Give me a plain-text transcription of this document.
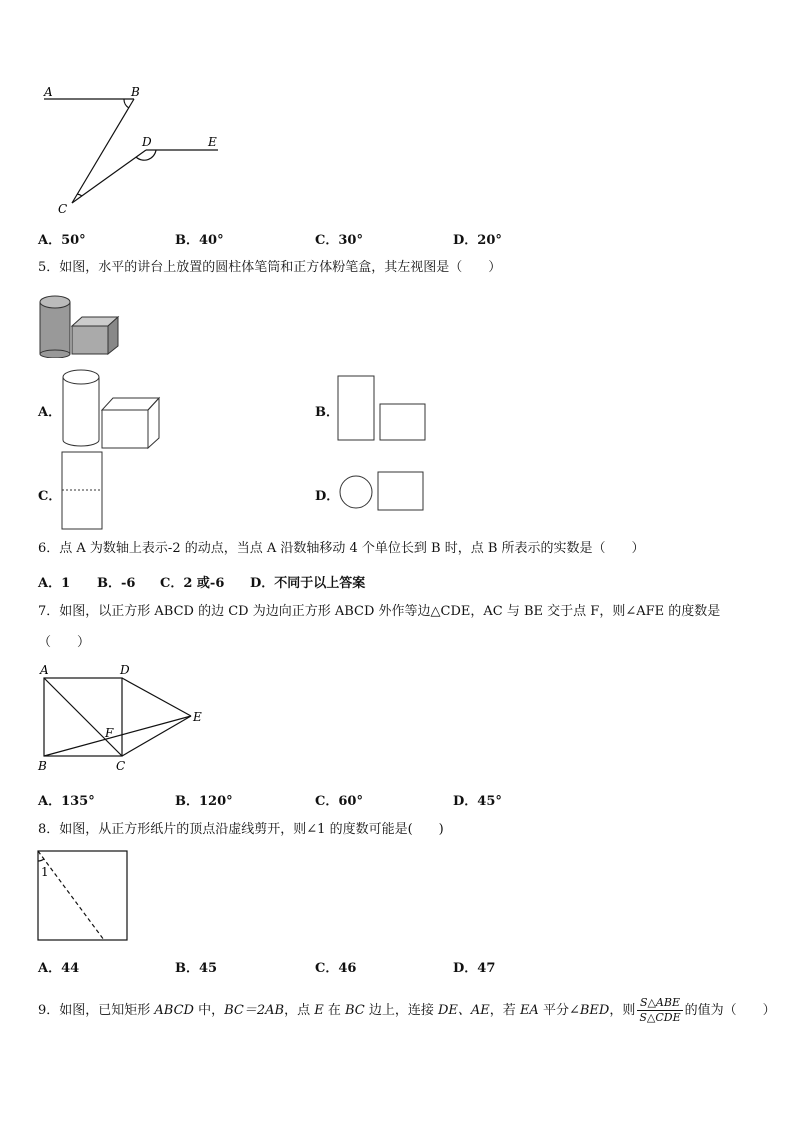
A	B
C
D	E
A．50°	B．40°	C．30°	D．20°
5．如图，水平的讲台上放置的圆柱体笔筒和正方体粉笔盒，其左视图是（　　）
A．	B．
C．	D．
6．点 A 为数轴上表示-2 的动点，当点 A 沿数轴移动 4 个单位长到 B 时，点 B 所表示的实数是（　　）
A．1 B．-6 C．2 或-6 D．不同于以上答案
7．如图，以正方形 ABCD 的边 CD 为边向正方形 ABCD 外作等边△CDE，AC 与 BE 交于点 F，则∠AFE 的度数是
（　　）
A	D
E
F
B	C
A．135°	B．120°	C．60°	D．45°
8．如图，从正方形纸片的顶点沿虚线剪开，则∠1 的度数可能是(　　)
1
A．44	B．45	C．46	D．47
9．如图，已知矩形 ABCD 中，BC＝2AB，点 E 在 BC 边上，连接 DE、AE，若 EA 平分∠BED，则 $\frac{\text{S△ABE}}{\text{S△CDE}}$ 的值为（　　）
